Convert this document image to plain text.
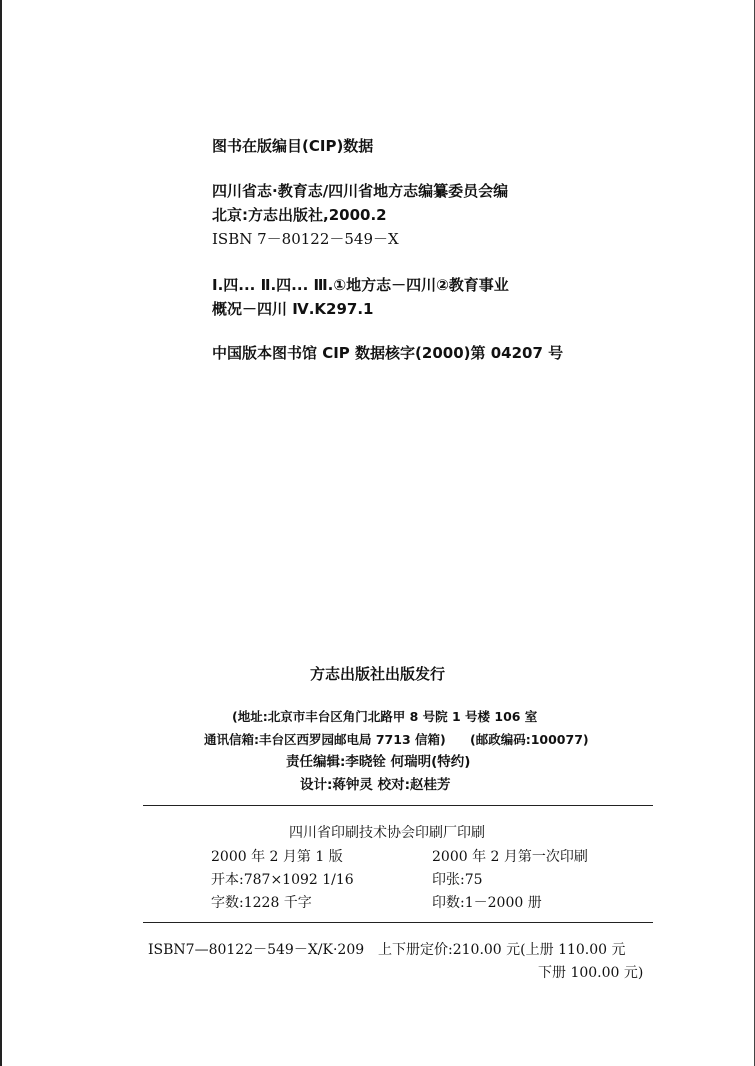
图书在版编目(CIP)数据
四川省志·教育志/四川省地方志编纂委员会编
北京:方志出版社,2000.2
ISBN 7－80122－549－X
Ⅰ.四... Ⅱ.四... Ⅲ.①地方志－四川②教育事业
概况－四川 Ⅳ.K297.1
中国版本图书馆 CIP 数据核字(2000)第 04207 号
方志出版社出版发行
(地址:北京市丰台区角门北路甲 8 号院 1 号楼 106 室
通讯信箱:丰台区西罗园邮电局 7713 信箱) (邮政编码:100077)
责任编辑:李晓铨 何瑞明(特约)
设计:蒋钟灵 校对:赵桂芳
四川省印刷技术协会印刷厂印刷
2000 年 2 月第 1 版	2000 年 2 月第一次印刷
开本:787×1092 1/16	印张:75
字数:1228 千字	印数:1－2000 册
ISBN7—80122－549－X/K·209 上下册定价:210.00 元(上册 110.00 元
下册 100.00 元)
